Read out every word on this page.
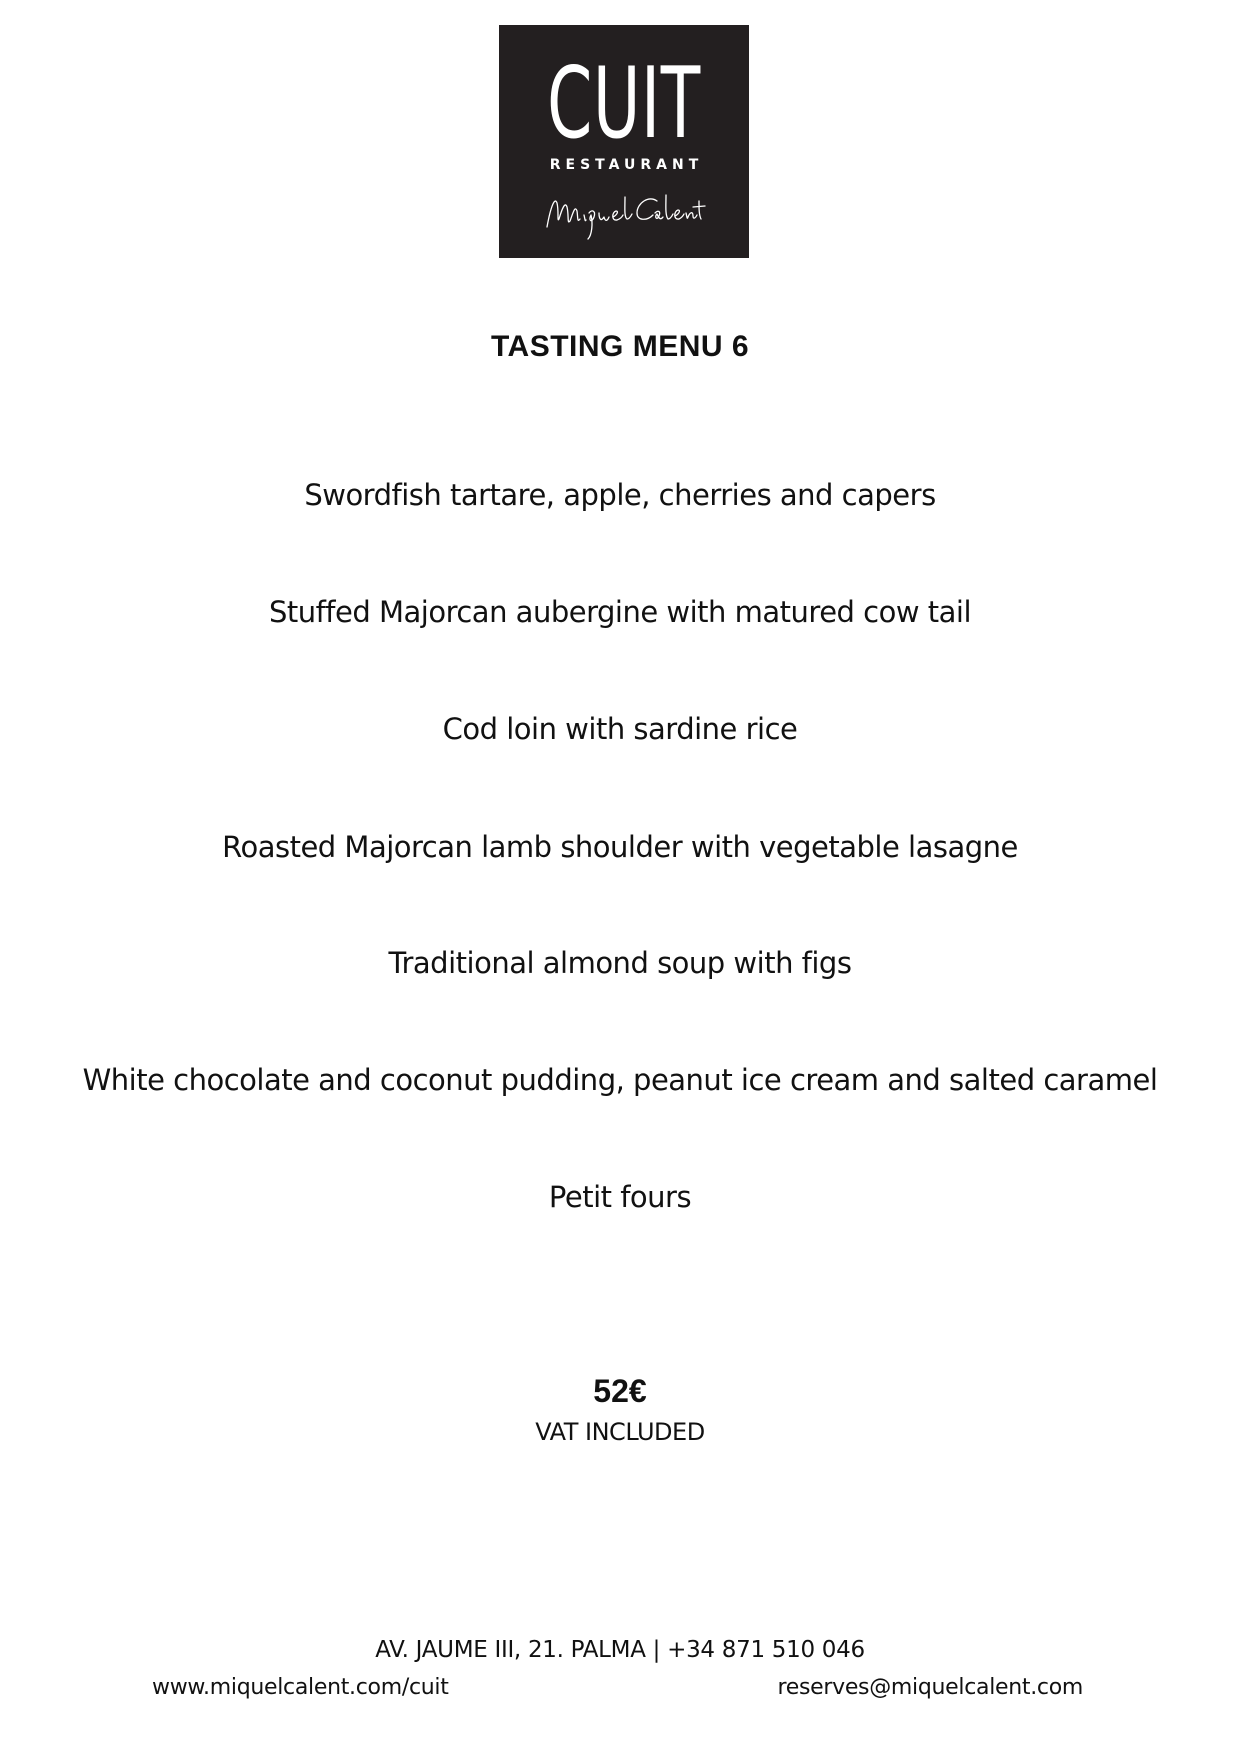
CUIT
RESTAURANT
TASTING MENU 6
Swordfish tartare, apple, cherries and capers
Stuffed Majorcan aubergine with matured cow tail
Cod loin with sardine rice
Roasted Majorcan lamb shoulder with vegetable lasagne
Traditional almond soup with figs
White chocolate and coconut pudding, peanut ice cream and salted caramel
Petit fours
52€
VAT INCLUDED
AV. JAUME III, 21. PALMA | +34 871 510 046
www.miquelcalent.com/cuit	reserves@miquelcalent.com
